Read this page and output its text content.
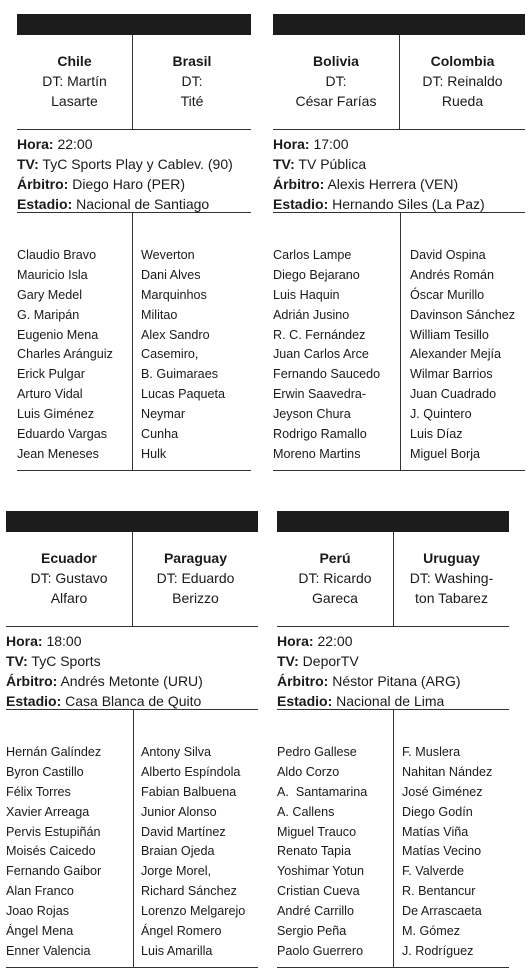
Chile
DT: Martín
Lasarte
Brasil
DT:
Tité
Hora: 22:00
TV: TyC Sports Play y Cablev. (90)
Árbitro: Diego Haro (PER)
Estadio: Nacional de Santiago
Claudio Bravo
Mauricio Isla
Gary Medel
G. Maripán
Eugenio Mena
Charles Aránguiz
Erick Pulgar
Arturo Vidal
Luis Giménez
Eduardo Vargas
Jean Meneses
Weverton
Dani Alves
Marquinhos
Militao
Alex Sandro
Casemiro,
B. Guimaraes
Lucas Paqueta
Neymar
Cunha
Hulk
Bolivia
DT:
César Farías
Colombia
DT: Reinaldo
Rueda
Hora: 17:00
TV: TV Pública
Árbitro: Alexis Herrera (VEN)
Estadio: Hernando Siles (La Paz)
Carlos Lampe
Diego Bejarano
Luis Haquin
Adrián Jusino
R. C. Fernández
Juan Carlos Arce
Fernando Saucedo
Erwin Saavedra-
Jeyson Chura
Rodrigo Ramallo
Moreno Martins
David Ospina
Andrés Román
Óscar Murillo
Davinson Sánchez
William Tesillo
Alexander Mejía
Wilmar Barrios
Juan Cuadrado
J. Quintero
Luis Díaz
Miguel Borja
Ecuador
DT: Gustavo
Alfaro
Paraguay
DT: Eduardo
Berizzo
Hora: 18:00
TV: TyC Sports
Árbitro: Andrés Metonte (URU)
Estadio: Casa Blanca de Quito
Hernán Galíndez
Byron Castillo
Félix Torres
Xavier Arreaga
Pervis Estupiñán
Moisés Caicedo
Fernando Gaibor
Alan Franco
Joao Rojas
Ángel Mena
Enner Valencia
Antony Silva
Alberto Espíndola
Fabian Balbuena
Junior Alonso
David Martínez
Braian Ojeda
Jorge Morel,
Richard Sánchez
Lorenzo Melgarejo
Ángel Romero
Luis Amarilla
Perú
DT: Ricardo
Gareca
Uruguay
DT: Washing-
ton Tabarez
Hora: 22:00
TV: DeporTV
Árbitro: Néstor Pitana (ARG)
Estadio: Nacional de Lima
Pedro Gallese
Aldo Corzo
A.  Santamarina
A. Callens
Miguel Trauco
Renato Tapia
Yoshimar Yotun
Cristian Cueva
André Carrillo
Sergio Peña
Paolo Guerrero
F. Muslera
Nahitan Nández
José Giménez
Diego Godín
Matías Viña
Matías Vecino
F. Valverde
R. Bentancur
De Arrascaeta
M. Gómez
J. Rodríguez
